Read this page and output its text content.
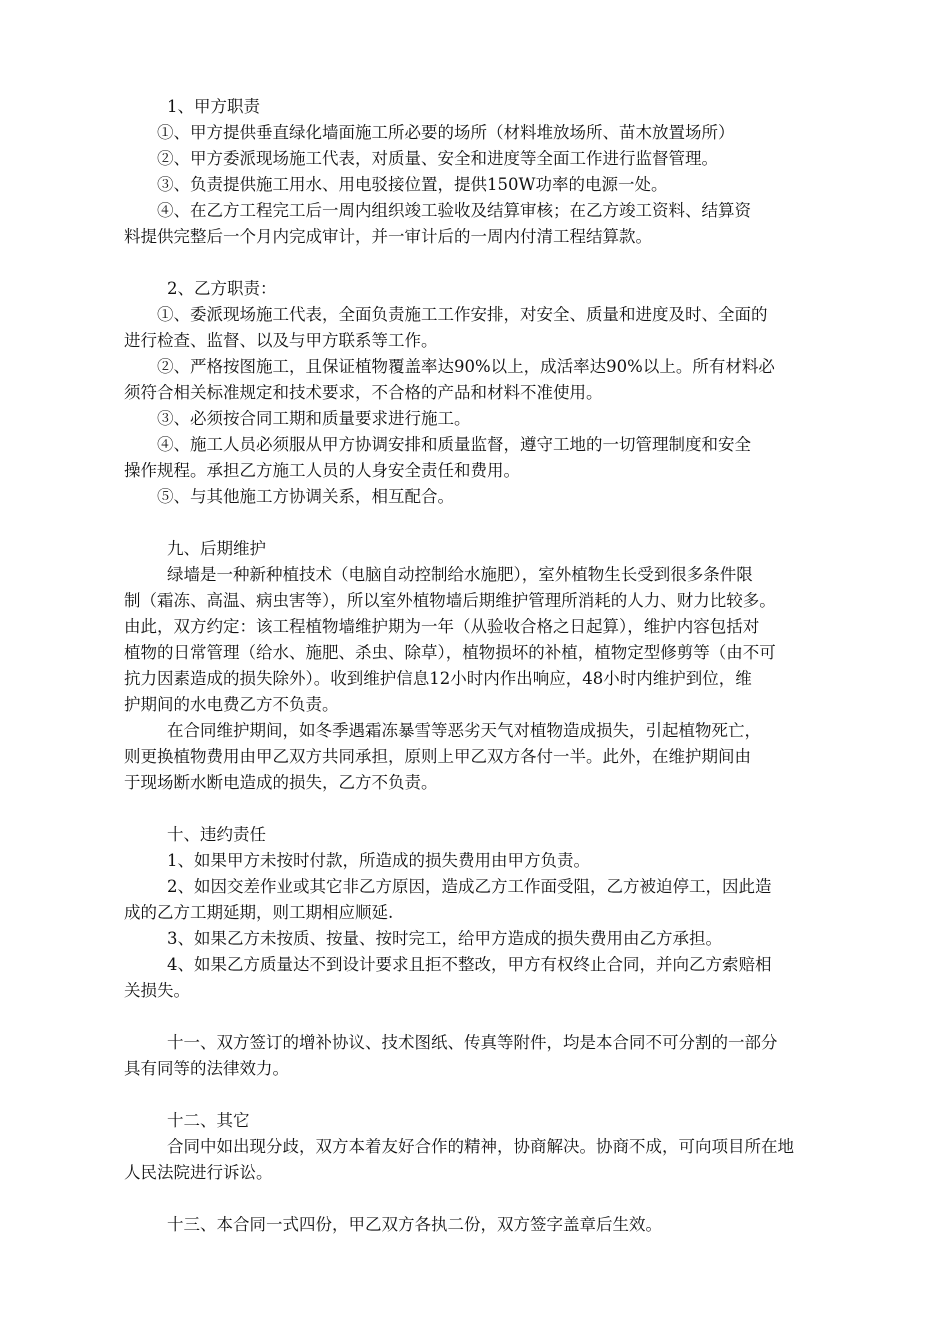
1、甲方职责
①、甲方提供垂直绿化墙面施工所必要的场所（材料堆放场所、苗木放置场所）
②、甲方委派现场施工代表，对质量、安全和进度等全面工作进行监督管理。
③、负责提供施工用水、用电驳接位置，提供150W功率的电源一处。
④、在乙方工程完工后一周内组织竣工验收及结算审核；在乙方竣工资料、结算资
料提供完整后一个月内完成审计，并一审计后的一周内付清工程结算款。
2、乙方职责：
①、委派现场施工代表，全面负责施工工作安排，对安全、质量和进度及时、全面的
进行检查、监督、以及与甲方联系等工作。
②、严格按图施工，且保证植物覆盖率达90%以上，成活率达90%以上。所有材料必
须符合相关标准规定和技术要求，不合格的产品和材料不准使用。
③、必须按合同工期和质量要求进行施工。
④、施工人员必须服从甲方协调安排和质量监督，遵守工地的一切管理制度和安全
操作规程。承担乙方施工人员的人身安全责任和费用。
⑤、与其他施工方协调关系，相互配合。
九、后期维护
绿墙是一种新种植技术（电脑自动控制给水施肥），室外植物生长受到很多条件限
制（霜冻、高温、病虫害等），所以室外植物墙后期维护管理所消耗的人力、财力比较多。
由此，双方约定：该工程植物墙维护期为一年（从验收合格之日起算），维护内容包括对
植物的日常管理（给水、施肥、杀虫、除草），植物损坏的补植，植物定型修剪等（由不可
抗力因素造成的损失除外）。收到维护信息12小时内作出响应，48小时内维护到位，维
护期间的水电费乙方不负责。
在合同维护期间，如冬季遇霜冻暴雪等恶劣天气对植物造成损失，引起植物死亡，
则更换植物费用由甲乙双方共同承担，原则上甲乙双方各付一半。此外，在维护期间由
于现场断水断电造成的损失，乙方不负责。
十、违约责任
1、如果甲方未按时付款，所造成的损失费用由甲方负责。
2、如因交差作业或其它非乙方原因，造成乙方工作面受阻，乙方被迫停工，因此造
成的乙方工期延期，则工期相应顺延.
3、如果乙方未按质、按量、按时完工，给甲方造成的损失费用由乙方承担。
4、如果乙方质量达不到设计要求且拒不整改，甲方有权终止合同，并向乙方索赔相
关损失。
十一、双方签订的增补协议、技术图纸、传真等附件，均是本合同不可分割的一部分
具有同等的法律效力。
十二、其它
合同中如出现分歧，双方本着友好合作的精神，协商解决。协商不成，可向项目所在地
人民法院进行诉讼。
十三、本合同一式四份，甲乙双方各执二份，双方签字盖章后生效。
